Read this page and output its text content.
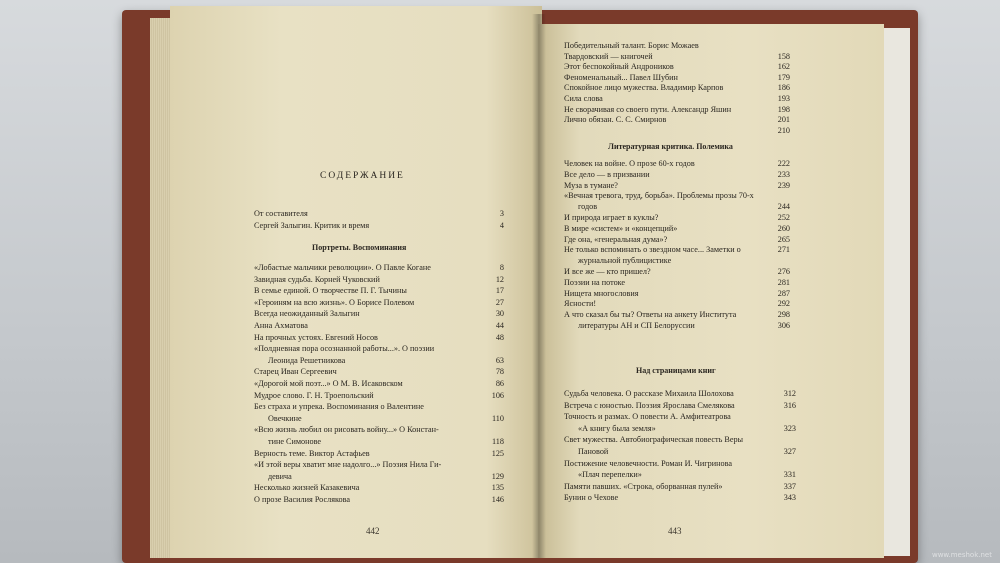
СОДЕРЖАНИЕ
От составителя	3
Сергей Залыгин. Критик и время	4
Портреты. Воспоминания
«Лобастые мальчики революции». О Павле Когане	8
Завидная судьба. Корней Чуковский	12
В семье единой. О творчестве П. Г. Тычины	17
«Героиням на всю жизнь». О Борисе Полевом	27
Всегда неожиданный Залыгин	30
Анна Ахматова	44
На прочных устоях. Евгений Носов	48
«Полдневная пора осознанной работы...». О поэзии
Леонида Решетникова	63
Старец Иван Сергеевич	78
«Дорогой мой поэт...» О М. В. Исаковском	86
Мудрое слово. Г. Н. Троепольский	106
Без страха и упрека. Воспоминания о Валентине
Овечкине	110
«Всю жизнь любил он рисовать войну...» О Констан-
тине Симонове	118
Верность теме. Виктор Астафьев	125
«И этой веры хватит мне надолго...» Поэзия Нила Ги-
девича	129
Несколько жизней Казакевича	135
О прозе Василия Рослякова	146
442
Победительный талант. Борис Можаев
Твардовский — книгочей	158
Этот беспокойный Андроников	162
Феноменальный... Павел Шубин	179
Спокойное лицо мужества. Владимир Карпов	186
Сила слова	193
Не сворачивая со своего пути. Александр Яшин	198
Лично обязан. С. С. Смирнов	201
210
Литературная критика. Полемика
Человек на войне. О прозе 60-х годов	222
Все дело — в призвании	233
Муза в тумане?	239
«Вечная тревога, труд, борьба». Проблемы прозы 70-х
годов	244
И природа играет в куклы?	252
В мире «систем» и «концепций»	260
Где она, «генеральная дума»?	265
Не только вспоминать о звездном часе... Заметки о	271
журнальной публицистике
И все же — кто пришел?	276
Поэзии на потоке	281
Нищета многословия	287
Ясности!	292
А что сказал бы ты? Ответы на анкету Института	298
литературы АН и СП Белоруссии	306
Над страницами книг
Судьба человека. О рассказе Михаила Шолохова	312
Встреча с юностью. Поэзия Ярослава Смелякова	316
Точность и размах. О повести А. Амфитеатрова
«А книгу была земля»	323
Свет мужества. Автобиографическая повесть Веры
Пановой	327
Постижение человечности. Роман И. Чигринова
«Плач перепелки»	331
Памяти павших. «Строка, оборванная пулей»	337
Бунин о Чехове	343
443
www.meshok.net
